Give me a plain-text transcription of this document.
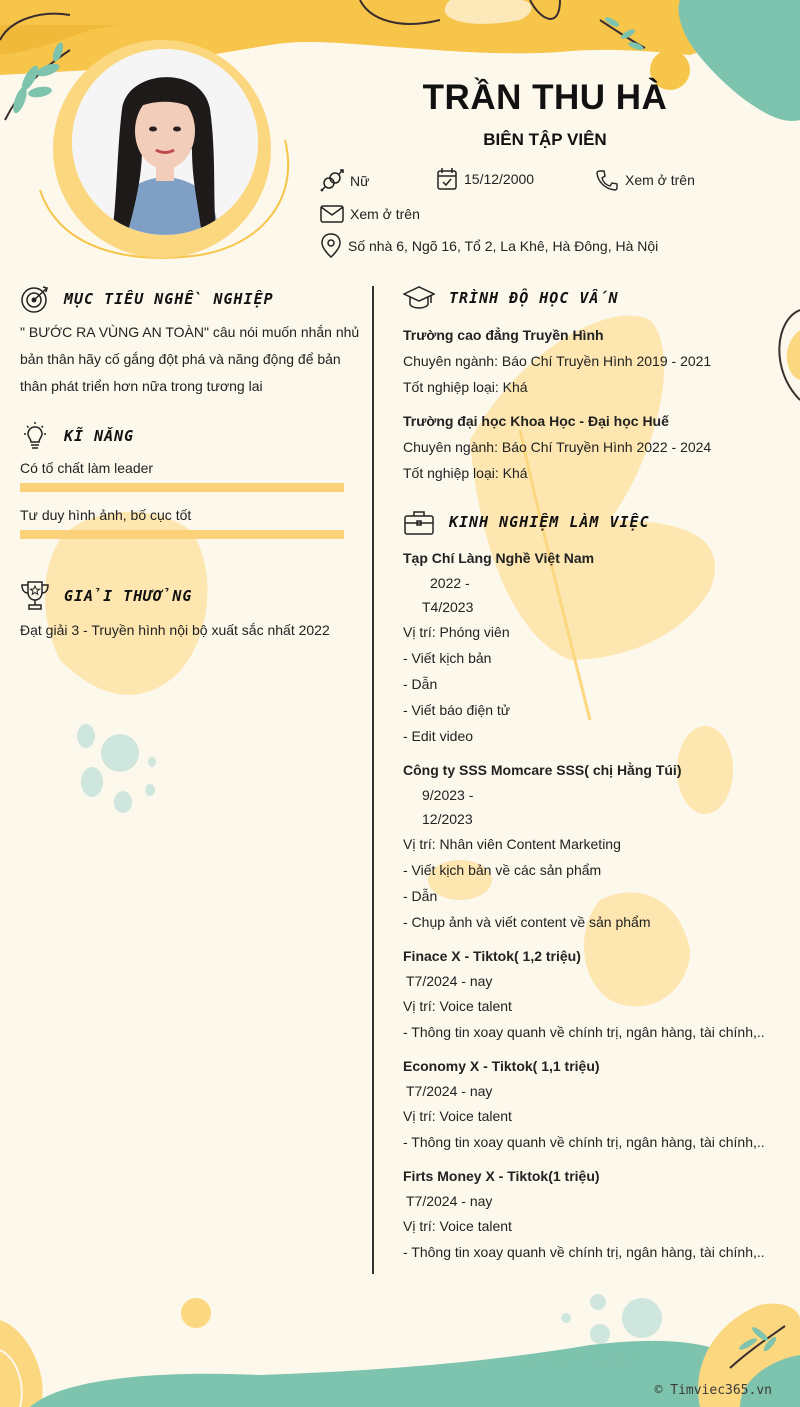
TRẦN THU HÀ
BIÊN TẬP VIÊN
Nữ	15/12/2000	Xem ở trên
Xem ở trên
Số nhà 6, Ngõ 16, Tổ 2, La Khê, Hà Đông, Hà Nội
MỤC TIÊU NGHỀ NGHIỆP
" BƯỚC RA VÙNG AN TOÀN" câu nói muốn nhắn nhủ
bản thân hãy cố gắng đột phá và năng động để bản
thân phát triển hơn nữa trong tương lai
KĨ NĂNG
Có tố chất làm leader
Tư duy hình ảnh, bố cục tốt
GIẢI THƯỞNG
Đạt giải 3 - Truyền hình nội bộ xuất sắc nhất 2022
TRÌNH ĐỘ HỌC VẤN
Trường cao đẳng Truyền Hình
Chuyên ngành: Báo Chí Truyền Hình 2019 - 2021
Tốt nghiệp loại: Khá
Trường đại học Khoa Học - Đại học Huế
Chuyên ngành: Báo Chí Truyền Hình 2022 - 2024
Tốt nghiệp loại: Khá
KINH NGHIỆM LÀM VIỆC
Tạp Chí Làng Nghề Việt Nam
2022 -
T4/2023
Vị trí: Phóng viên
- Viết kịch bản
- Dẫn
- Viết báo điện tử
- Edit video
Công ty SSS Momcare SSS( chị Hằng Túi)
9/2023 -
12/2023
Vị trí: Nhân viên Content Marketing
- Viết kịch bản về các sản phẩm
- Dẫn
- Chụp ảnh và viết content về sản phẩm
Finace X - Tiktok( 1,2 triệu)
T7/2024 - nay
Vị trí: Voice talent
- Thông tin xoay quanh về chính trị, ngân hàng, tài chính,..
Economy X - Tiktok( 1,1 triệu)
T7/2024 - nay
Vị trí: Voice talent
- Thông tin xoay quanh về chính trị, ngân hàng, tài chính,..
Firts Money X - Tiktok(1 triệu)
T7/2024 - nay
Vị trí: Voice talent
- Thông tin xoay quanh về chính trị, ngân hàng, tài chính,..
© Timviec365.vn
